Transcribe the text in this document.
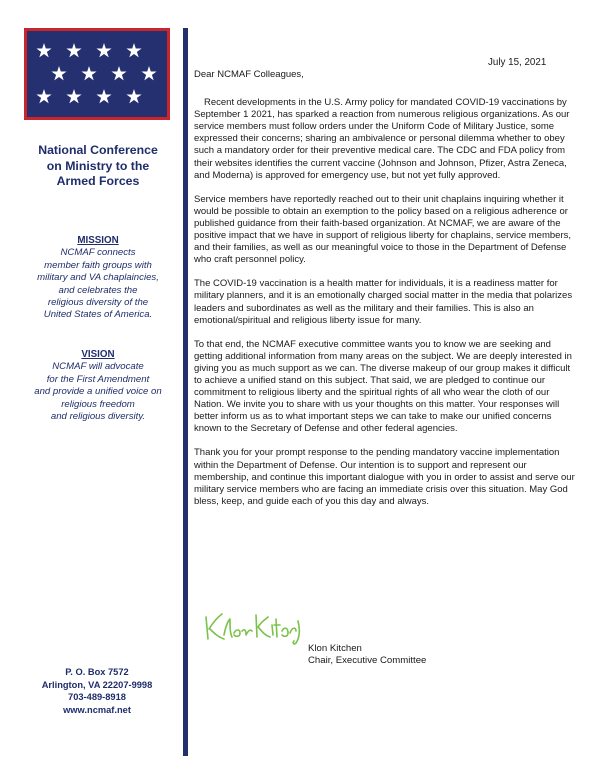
National Conference
on Ministry to the
Armed Forces
MISSION
NCMAF connects
member faith groups with
military and VA chaplaincies,
and celebrates the
religious diversity of the
United States of America.
VISION
NCMAF will advocate
for the First Amendment
and provide a unified voice on
religious freedom
and religious diversity.
P. O. Box 7572
Arlington, VA 22207-9998
703-489-8918
www.ncmaf.net
July 15, 2021

Dear NCMAF Colleagues,

Recent developments in the U.S. Army policy for mandated COVID-19 vaccinations by September 1 2021, has sparked a reaction from numerous religious organizations. As our service members must follow orders under the Uniform Code of Military Justice, some expressed their concerns; sharing an ambivalence or personal dilemma whether to obey such a mandatory order for their preventive medical care. The CDC and FDA policy from their websites identifies the current vaccine (Johnson and Johnson, Pfizer, Astra Zeneca, and Moderna) is approved for emergency use, but not yet fully approved.

Service members have reportedly reached out to their unit chaplains inquiring whether it would be possible to obtain an exemption to the policy based on a religious adherence or published guidance from their faith-based organization. At NCMAF, we are aware of the positive impact that we have in support of religious liberty for chaplains, service members, and their families, as well as our meaningful voice to those in the Department of Defense who craft personnel policy.

The COVID-19 vaccination is a health matter for individuals, it is a readiness matter for military planners, and it is an emotionally charged social matter in the media that polarizes leaders and subordinates as well as the military and their families. This is also an emotional/spiritual and religious liberty issue for many.

To that end, the NCMAF executive committee wants you to know we are seeking and getting additional information from many areas on the subject. We are deeply interested in giving you as much support as we can. The diverse makeup of our group makes it difficult to achieve a unified stand on this subject. That said, we are pledged to continue our commitment to religious liberty and the spiritual rights of all who wear the cloth of our Nation. We invite you to share with us your thoughts on this matter. Your responses will better inform us as to what important steps we can take to make our unified concerns known to the Secretary of Defense and other federal agencies.

Thank you for your prompt response to the pending mandatory vaccine implementation within the Department of Defense. Our intention is to support and represent our membership, and continue this important dialogue with you in order to assist and serve our military service members who are facing an immediate crisis over this situation. May God bless, keep, and guide each of you this day and always.

Klon Kitchen
Chair, Executive Committee
